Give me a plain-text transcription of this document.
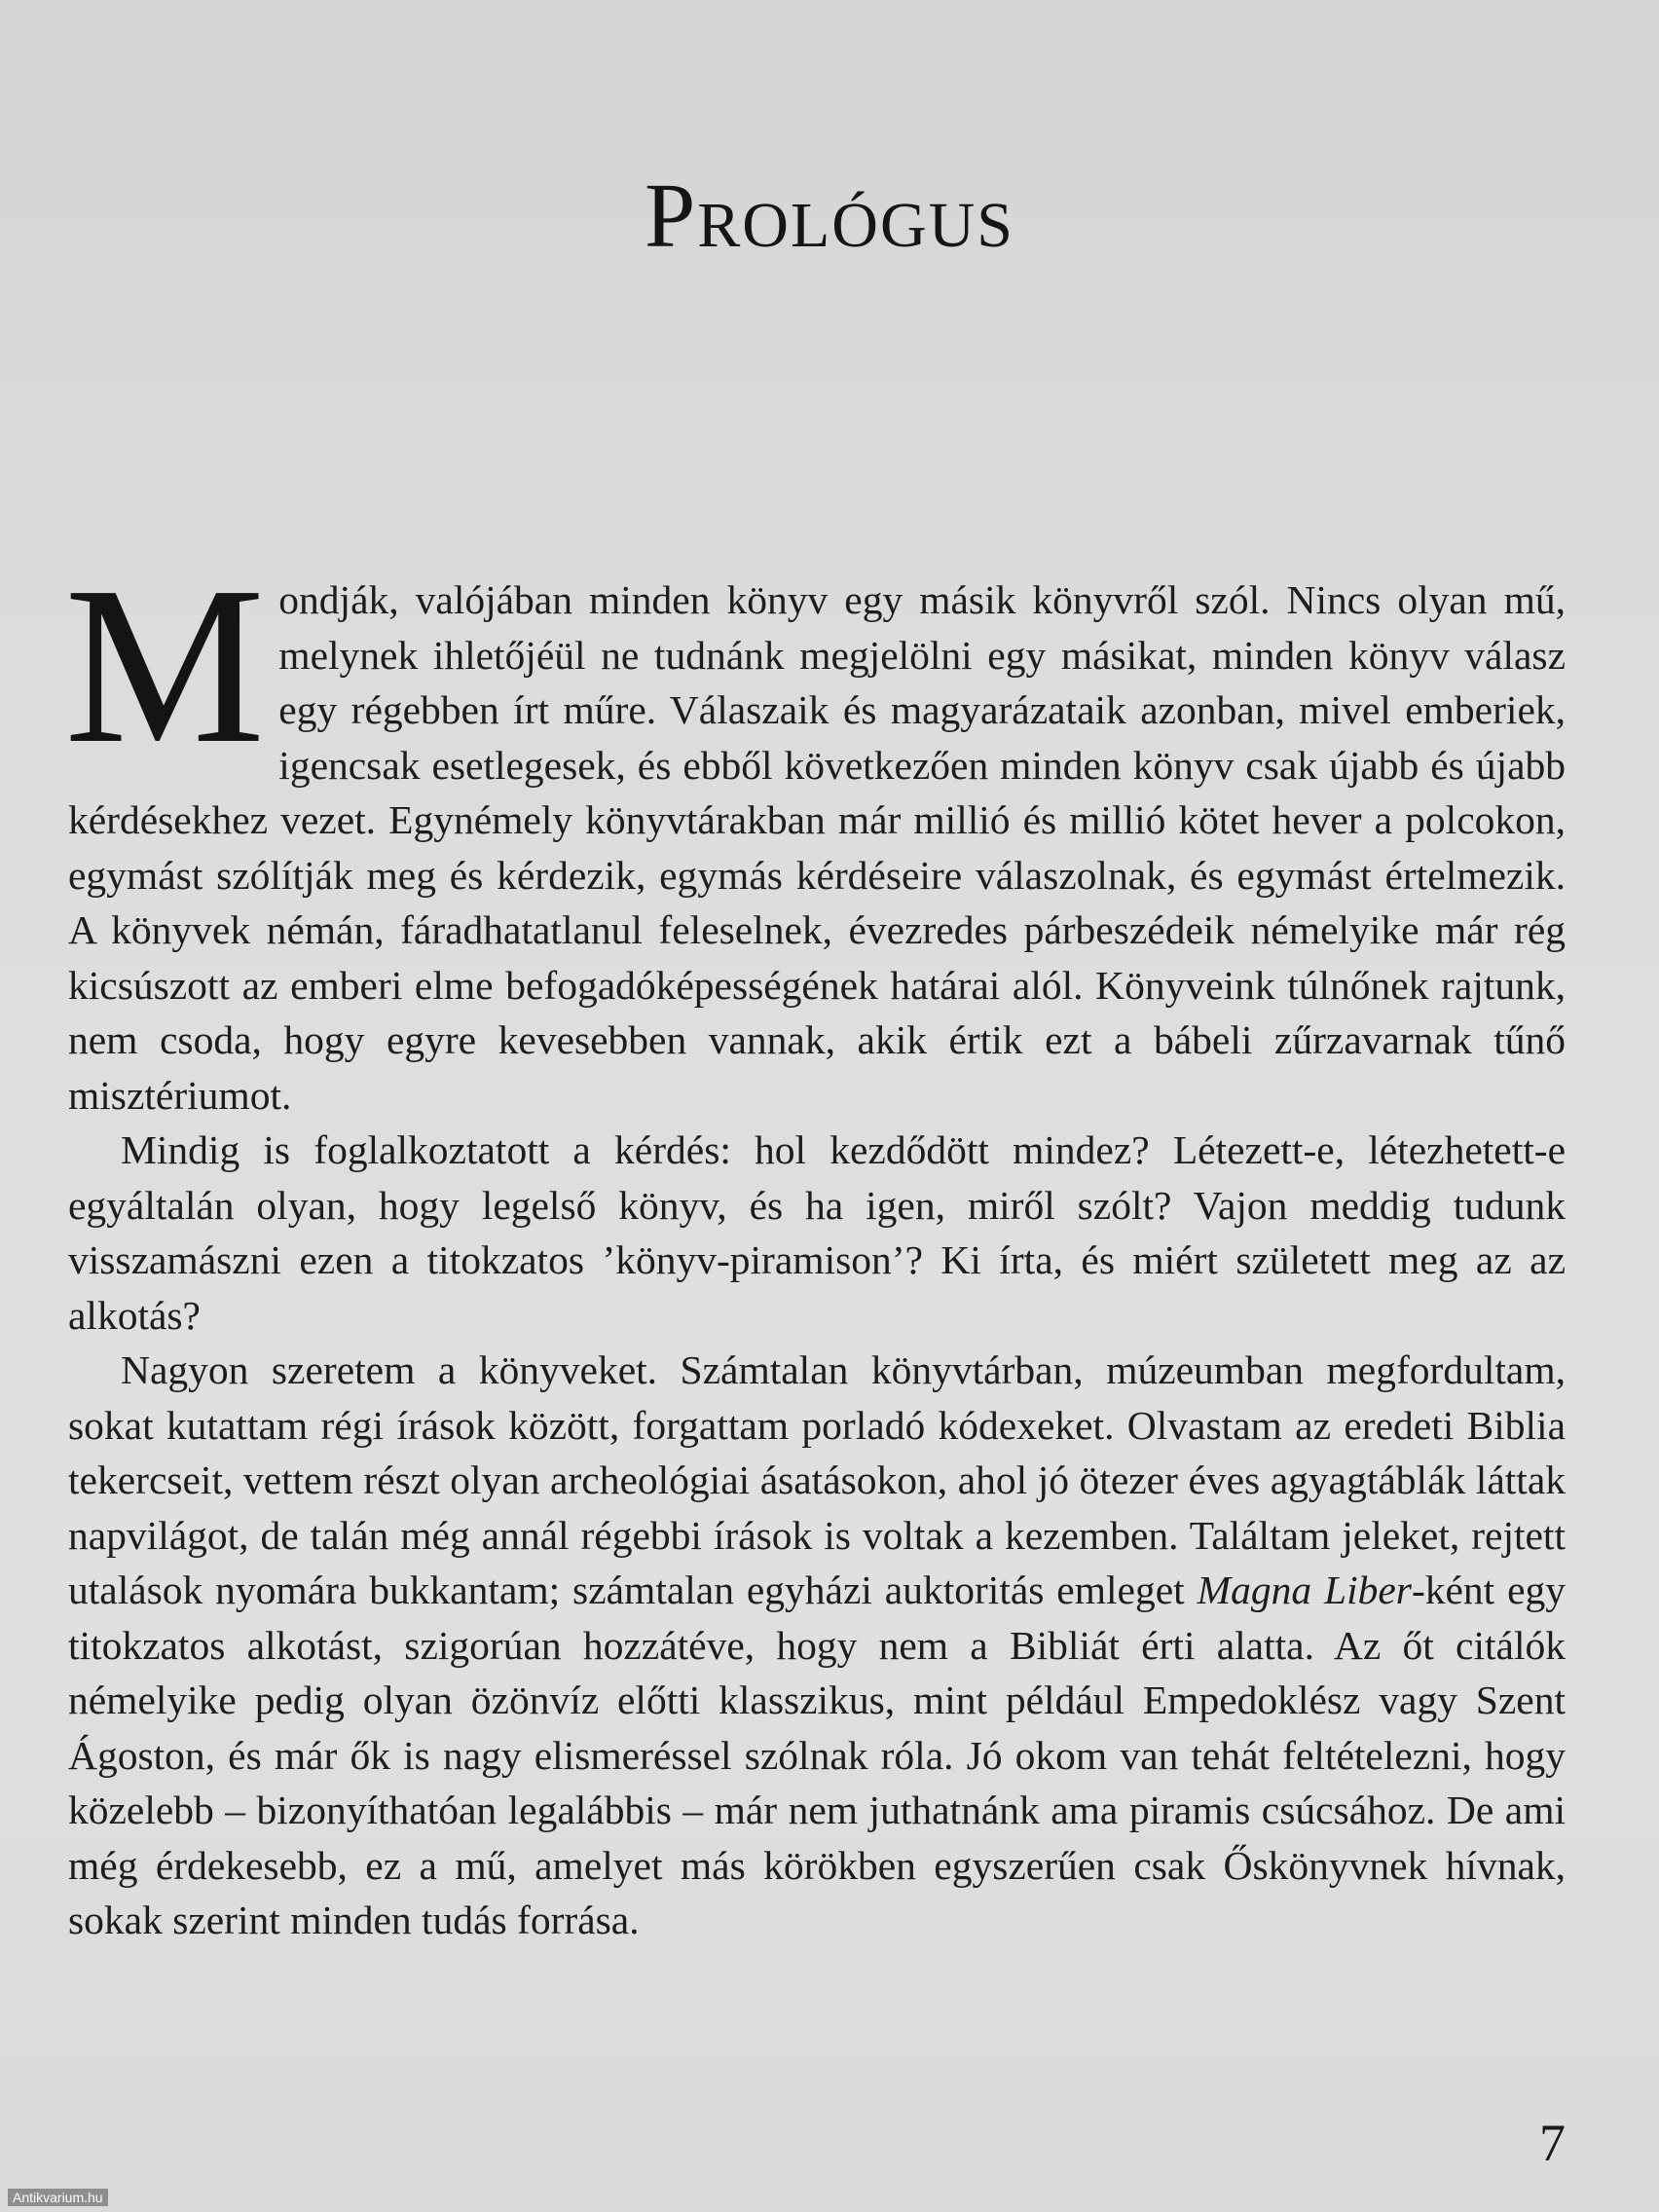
Prológus

Mondják, valójában minden könyv egy másik könyvről szól. Nincs olyan mű, melynek ihletőjéül ne tudnánk megjelölni egy másikat, minden könyv válasz egy régebben írt műre. Válaszaik és magyarázataik azonban, mivel emberiek, igencsak esetlegesek, és ebből következően minden könyv csak újabb és újabb kérdésekhez vezet. Egynémely könyvtárakban már millió és millió kötet hever a polcokon, egymást szólítják meg és kérdezik, egymás kérdéseire válaszolnak, és egymást értelmezik. A könyvek némán, fáradhatatlanul feleselnek, évezredes párbeszédeik némelyike már rég kicsúszott az emberi elme befogadóképességének határai alól. Könyveink túlnőnek rajtunk, nem csoda, hogy egyre kevesebben vannak, akik értik ezt a bábeli zűrzavarnak tűnő misztériumot.

Mindig is foglalkoztatott a kérdés: hol kezdődött mindez? Létezett-e, létezhetett-e egyáltalán olyan, hogy legelső könyv, és ha igen, miről szólt? Vajon meddig tudunk visszamászni ezen a titokzatos ’könyv-piramison’? Ki írta, és miért született meg az az alkotás?

Nagyon szeretem a könyveket. Számtalan könyvtárban, múzeumban megfordultam, sokat kutattam régi írások között, forgattam porladó kódexeket. Olvastam az eredeti Biblia tekercseit, vettem részt olyan archeológiai ásatásokon, ahol jó ötezer éves agyagtáblák láttak napvilágot, de talán még annál régebbi írások is voltak a kezemben. Találtam jeleket, rejtett utalások nyomára bukkantam; számtalan egyházi auktoritás emleget Magna Liber-ként egy titokzatos alkotást, szigorúan hozzátéve, hogy nem a Bibliát érti alatta. Az őt citálók némelyike pedig olyan özönvíz előtti klasszikus, mint például Empedoklész vagy Szent Ágoston, és már ők is nagy elismeréssel szólnak róla. Jó okom van tehát feltételezni, hogy közelebb – bizonyíthatóan legalábbis – már nem juthatnánk ama piramis csúcsához. De ami még érdekesebb, ez a mű, amelyet más körökben egyszerűen csak Őskönyvnek hívnak, sokak szerint minden tudás forrása.

7
Antikvarium.hu
